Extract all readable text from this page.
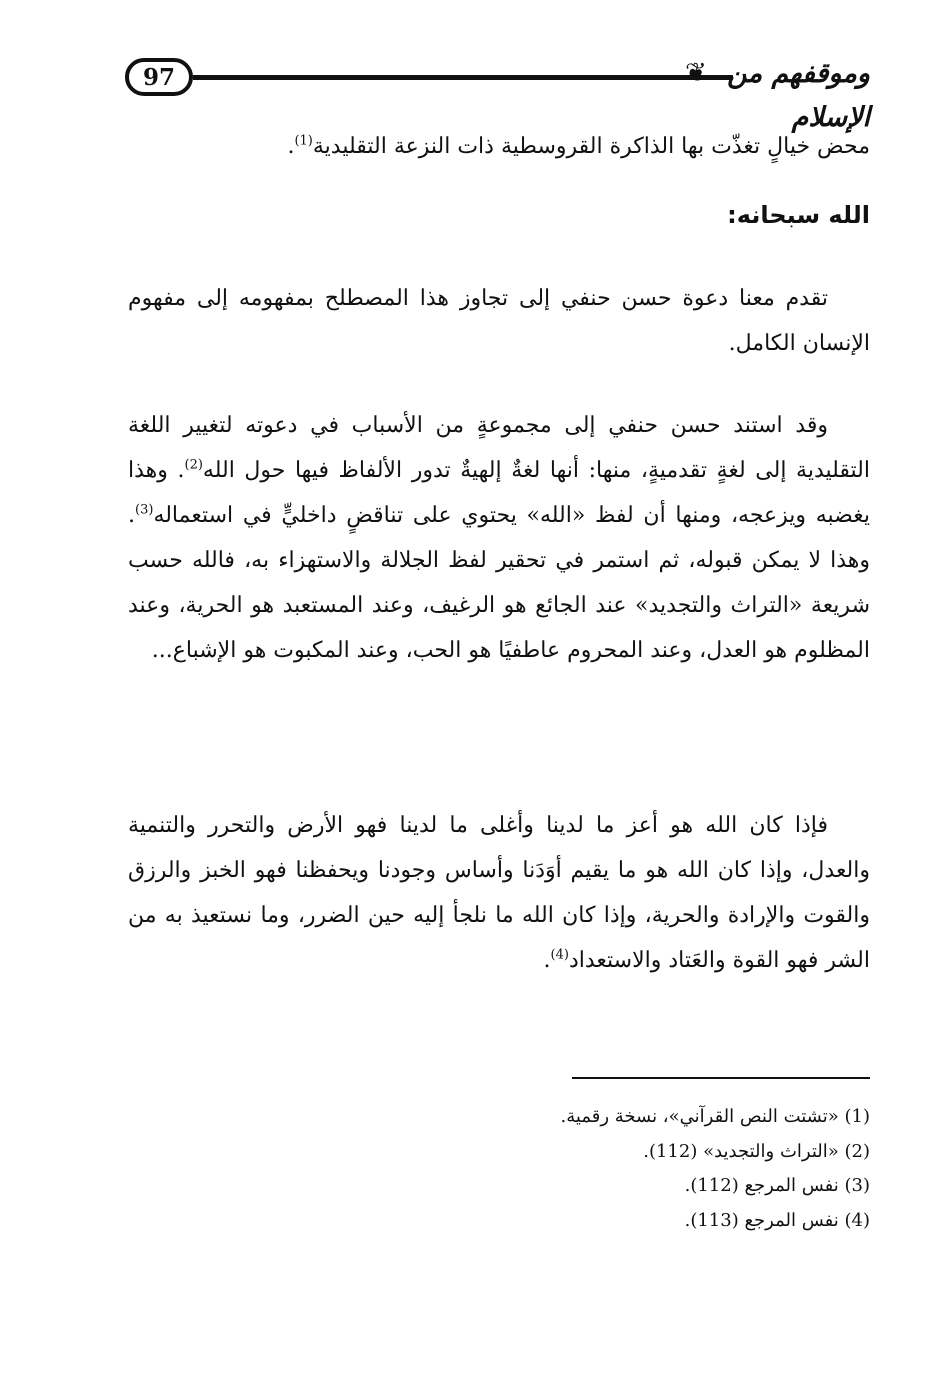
97	❦ وموقفهم من الإسلام

محض خيالٍ تغذّت بها الذاكرة القروسطية ذات النزعة التقليدية$^{(1)}$.

الله سبحانه:

تقدم معنا دعوة حسن حنفي إلى تجاوز هذا المصطلح بمفهومه إلى مفهوم الإنسان الكامل.

وقد استند حسن حنفي إلى مجموعةٍ من الأسباب في دعوته لتغيير اللغة التقليدية إلى لغةٍ تقدميةٍ، منها: أنها لغةٌ إلهيةٌ تدور الألفاظ فيها حول الله$^{(2)}$. وهذا يغضبه ويزعجه، ومنها أن لفظ «الله» يحتوي على تناقضٍ داخليٍّ في استعماله$^{(3)}$. وهذا لا يمكن قبوله، ثم استمر في تحقير لفظ الجلالة والاستهزاء به، فالله حسب شريعة «التراث والتجديد» عند الجائع هو الرغيف، وعند المستعبد هو الحرية، وعند المظلوم هو العدل، وعند المحروم عاطفيًا هو الحب، وعند المكبوت هو الإشباع...

فإذا كان الله هو أعز ما لدينا وأغلى ما لدينا فهو الأرض والتحرر والتنمية والعدل، وإذا كان الله هو ما يقيم أوَدَنا وأساس وجودنا ويحفظنا فهو الخبز والرزق والقوت والإرادة والحرية، وإذا كان الله ما نلجأ إليه حين الضرر، وما نستعيذ به من الشر فهو القوة والعَتاد والاستعداد$^{(4)}$.

(1) «تشتت النص القرآني»، نسخة رقمية.
(2) «التراث والتجديد» (112).
(3) نفس المرجع (112).
(4) نفس المرجع (113).
